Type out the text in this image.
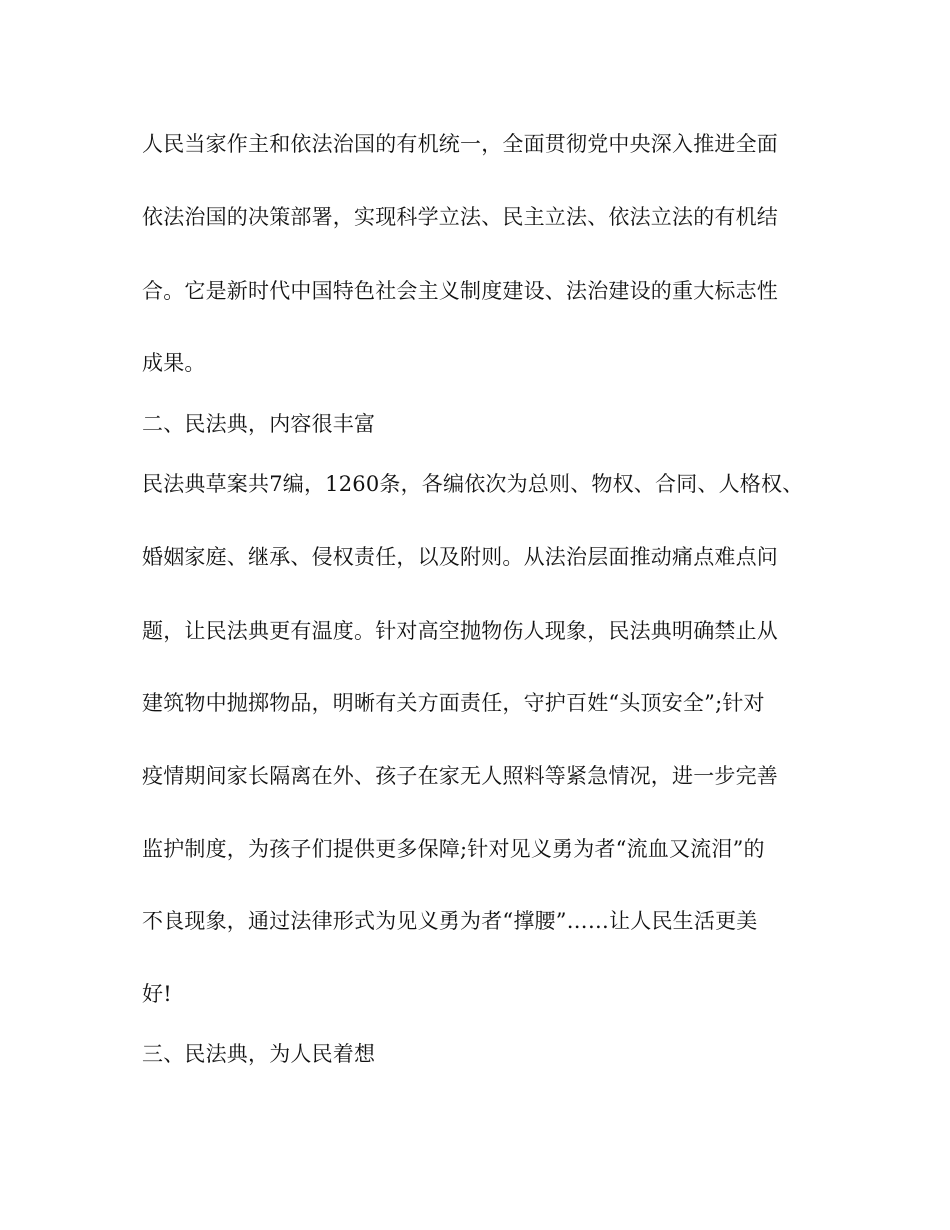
人民当家作主和依法治国的有机统一，全面贯彻党中央深入推进全面
依法治国的决策部署，实现科学立法、民主立法、依法立法的有机结
合。它是新时代中国特色社会主义制度建设、法治建设的重大标志性
成果。
二、民法典，内容很丰富
民法典草案共7编，1260条，各编依次为总则、物权、合同、人格权、
婚姻家庭、继承、侵权责任，以及附则。从法治层面推动痛点难点问
题，让民法典更有温度。针对高空抛物伤人现象，民法典明确禁止从
建筑物中抛掷物品，明晰有关方面责任，守护百姓“头顶安全”;针对
疫情期间家长隔离在外、孩子在家无人照料等紧急情况，进一步完善
监护制度，为孩子们提供更多保障;针对见义勇为者“流血又流泪”的
不良现象，通过法律形式为见义勇为者“撑腰”……让人民生活更美
好!
三、民法典，为人民着想
